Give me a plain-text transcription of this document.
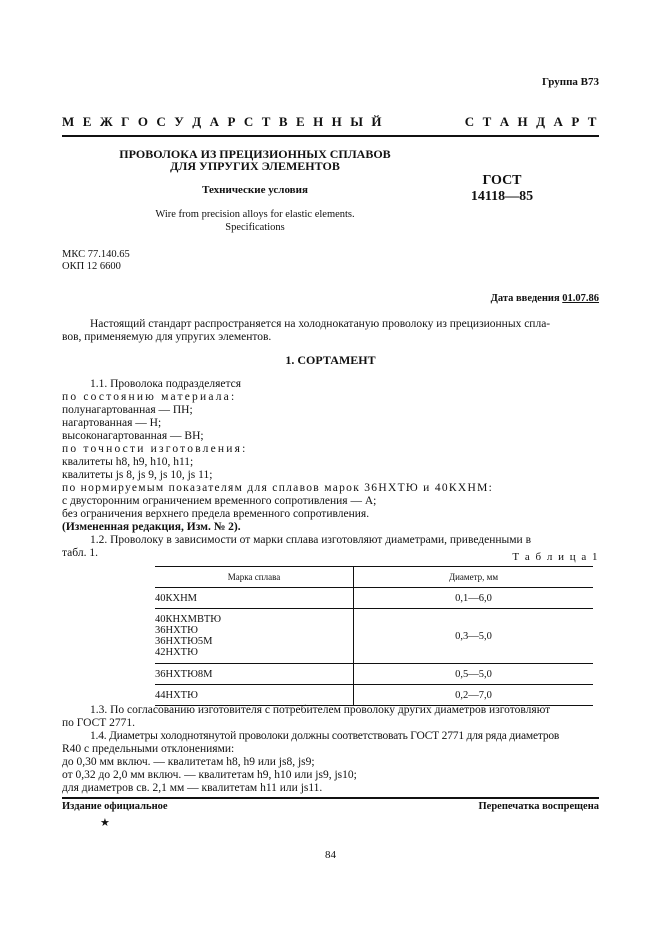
Группа В73
М Е Ж Г О С У Д А Р С Т В Е Н Н Ы Й	С Т А Н Д А Р Т
ПРОВОЛОКА ИЗ ПРЕЦИЗИОННЫХ СПЛАВОВ
ДЛЯ УПРУГИХ ЭЛЕМЕНТОВ
Технические условия
Wire from precision alloys for elastic elements.
Specifications
ГОСТ
14118—85
МКС 77.140.65
ОКП 12 6600
Дата введения 01.07.86
Настоящий стандарт распространяется на холоднокатаную проволоку из прецизионных спла-
вов, применяемую для упругих элементов.
1. СОРТАМЕНТ
1.1. Проволока подразделяется
по состоянию материала:
полунагартованная — ПН;
нагартованная — Н;
высоконагартованная — ВН;
по точности изготовления:
квалитеты h8, h9, h10, h11;
квалитеты js 8, js 9, js 10, js 11;
по нормируемым показателям для сплавов марок 36НХТЮ и 40КХНМ:
с двусторонним ограничением временного сопротивления — А;
без ограничения верхнего предела временного сопротивления.
(Измененная редакция, Изм. № 2).
1.2. Проволоку в зависимости от марки сплава изготовляют диаметрами, приведенными в
табл. 1.	Т а б л и ц а 1
Марка сплава	Диаметр, мм

40КХНМ	0,1—6,0

40КНХМВТЮ
36НХТЮ
36НХТЮ5М
42НХТЮ	0,3—5,0

36НХТЮ8М	0,5—5,0

44НХТЮ	0,2—7,0
1.3. По согласованию изготовителя с потребителем проволоку других диаметров изготовляют
по ГОСТ 2771.
1.4. Диаметры холоднотянутой проволоки должны соответствовать ГОСТ 2771 для ряда диаметров
R40 с предельными отклонениями:
до 0,30 мм включ. — квалитетам h8, h9 или js8, js9;
от 0,32 до 2,0 мм включ. — квалитетам h9, h10 или js9, js10;
для диаметров св. 2,1 мм — квалитетам h11 или js11.
Издание официальное	Перепечатка воспрещена
★
84
